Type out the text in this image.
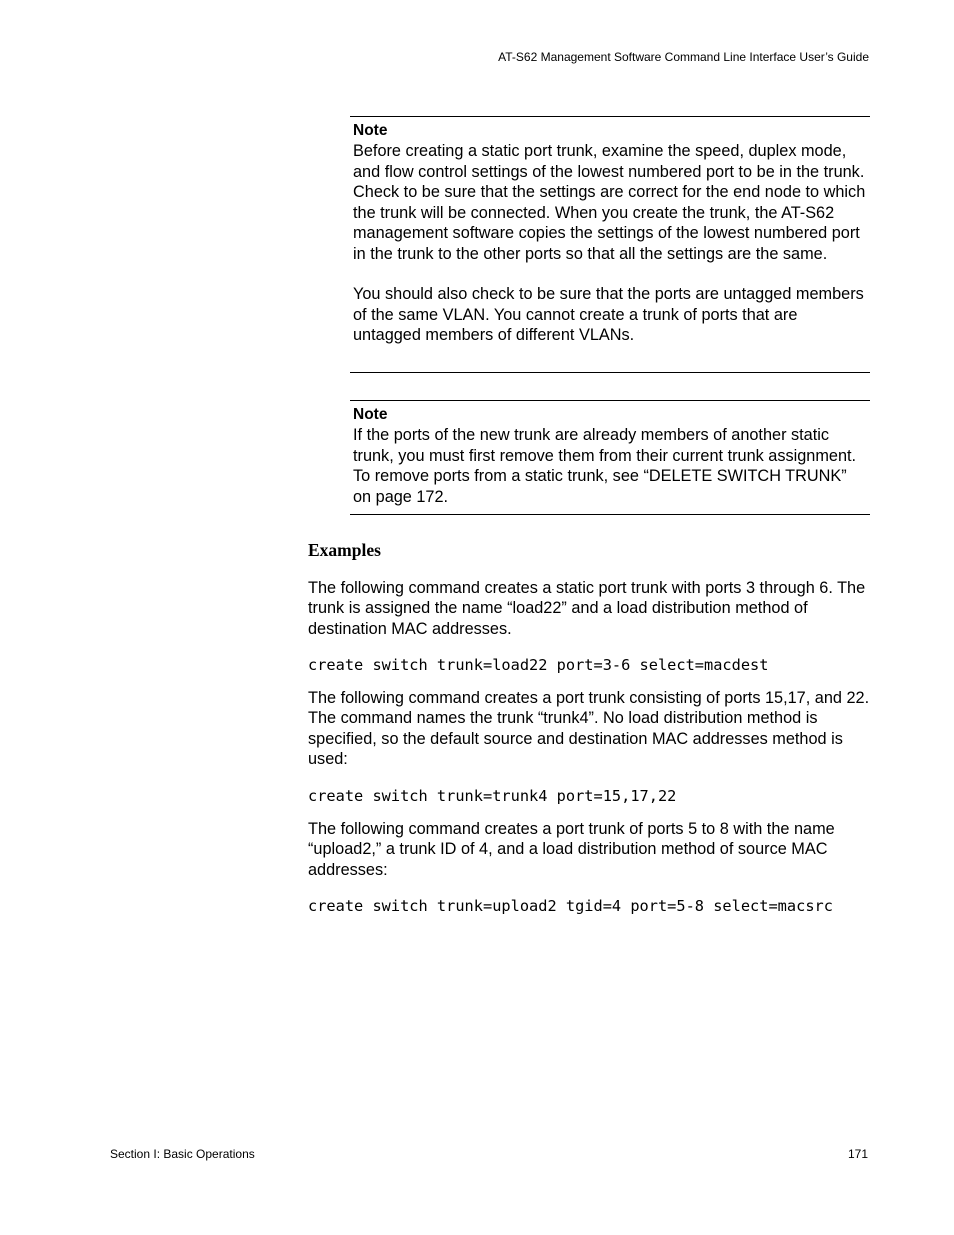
AT-S62 Management Software Command Line Interface User’s Guide
Note

Before creating a static port trunk, examine the speed, duplex mode, and flow control settings of the lowest numbered port to be in the trunk. Check to be sure that the settings are correct for the end node to which the trunk will be connected. When you create the trunk, the AT-S62 management software copies the settings of the lowest numbered port in the trunk to the other ports so that all the settings are the same.

You should also check to be sure that the ports are untagged members of the same VLAN. You cannot create a trunk of ports that are untagged members of different VLANs.

Note

If the ports of the new trunk are already members of another static trunk, you must first remove them from their current trunk assignment. To remove ports from a static trunk, see “DELETE SWITCH TRUNK” on page 172.

Examples

The following command creates a static port trunk with ports 3 through 6. The trunk is assigned the name “load22” and a load distribution method of destination MAC addresses.

create switch trunk=load22 port=3-6 select=macdest

The following command creates a port trunk consisting of ports 15,17, and 22. The command names the trunk “trunk4”. No load distribution method is specified, so the default source and destination MAC addresses method is used:

create switch trunk=trunk4 port=15,17,22

The following command creates a port trunk of ports 5 to 8 with the name “upload2,” a trunk ID of 4, and a load distribution method of source MAC addresses:

create switch trunk=upload2 tgid=4 port=5-8 select=macsrc
Section I: Basic Operations	171
